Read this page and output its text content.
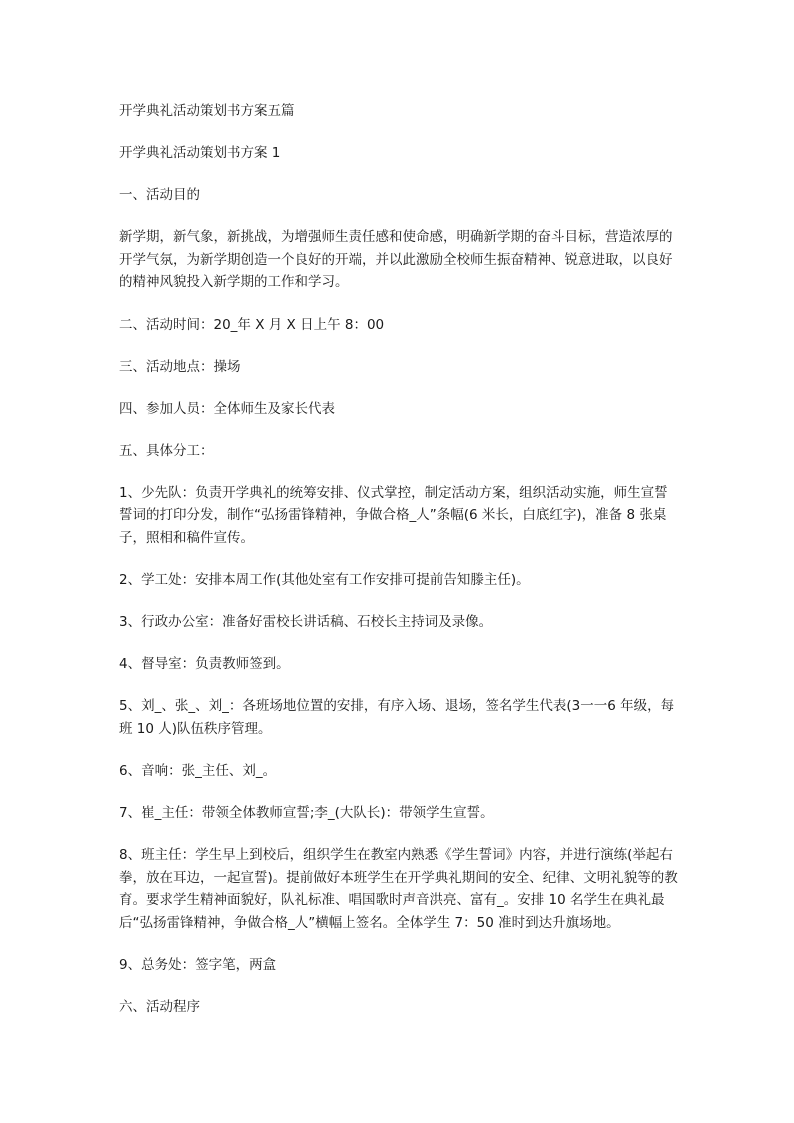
开学典礼活动策划书方案五篇
开学典礼活动策划书方案 1
一、活动目的
新学期，新气象，新挑战，为增强师生责任感和使命感，明确新学期的奋斗目标，营造浓厚的开学气氛，为新学期创造一个良好的开端，并以此激励全校师生振奋精神、锐意进取，以良好的精神风貌投入新学期的工作和学习。
二、活动时间：20_年 X 月 X 日上午 8：00
三、活动地点：操场
四、参加人员：全体师生及家长代表
五、具体分工：
1、少先队：负责开学典礼的统筹安排、仪式掌控，制定活动方案，组织活动实施，师生宣誓誓词的打印分发，制作“弘扬雷锋精神，争做合格_人”条幅(6 米长，白底红字)，准备 8 张桌子，照相和稿件宣传。
2、学工处：安排本周工作(其他处室有工作安排可提前告知滕主任)。
3、行政办公室：准备好雷校长讲话稿、石校长主持词及录像。
4、督导室：负责教师签到。
5、刘_、张_、刘_：各班场地位置的安排，有序入场、退场，签名学生代表(3一一6 年级，每班 10 人)队伍秩序管理。
6、音响：张_主任、刘_。
7、崔_主任：带领全体教师宣誓;李_(大队长)：带领学生宣誓。
8、班主任：学生早上到校后，组织学生在教室内熟悉《学生誓词》内容，并进行演练(举起右拳，放在耳边，一起宣誓)。提前做好本班学生在开学典礼期间的安全、纪律、文明礼貌等的教育。要求学生精神面貌好，队礼标准、唱国歌时声音洪亮、富有_。安排 10 名学生在典礼最后“弘扬雷锋精神，争做合格_人”横幅上签名。全体学生 7：50 准时到达升旗场地。
9、总务处：签字笔，两盒
六、活动程序
